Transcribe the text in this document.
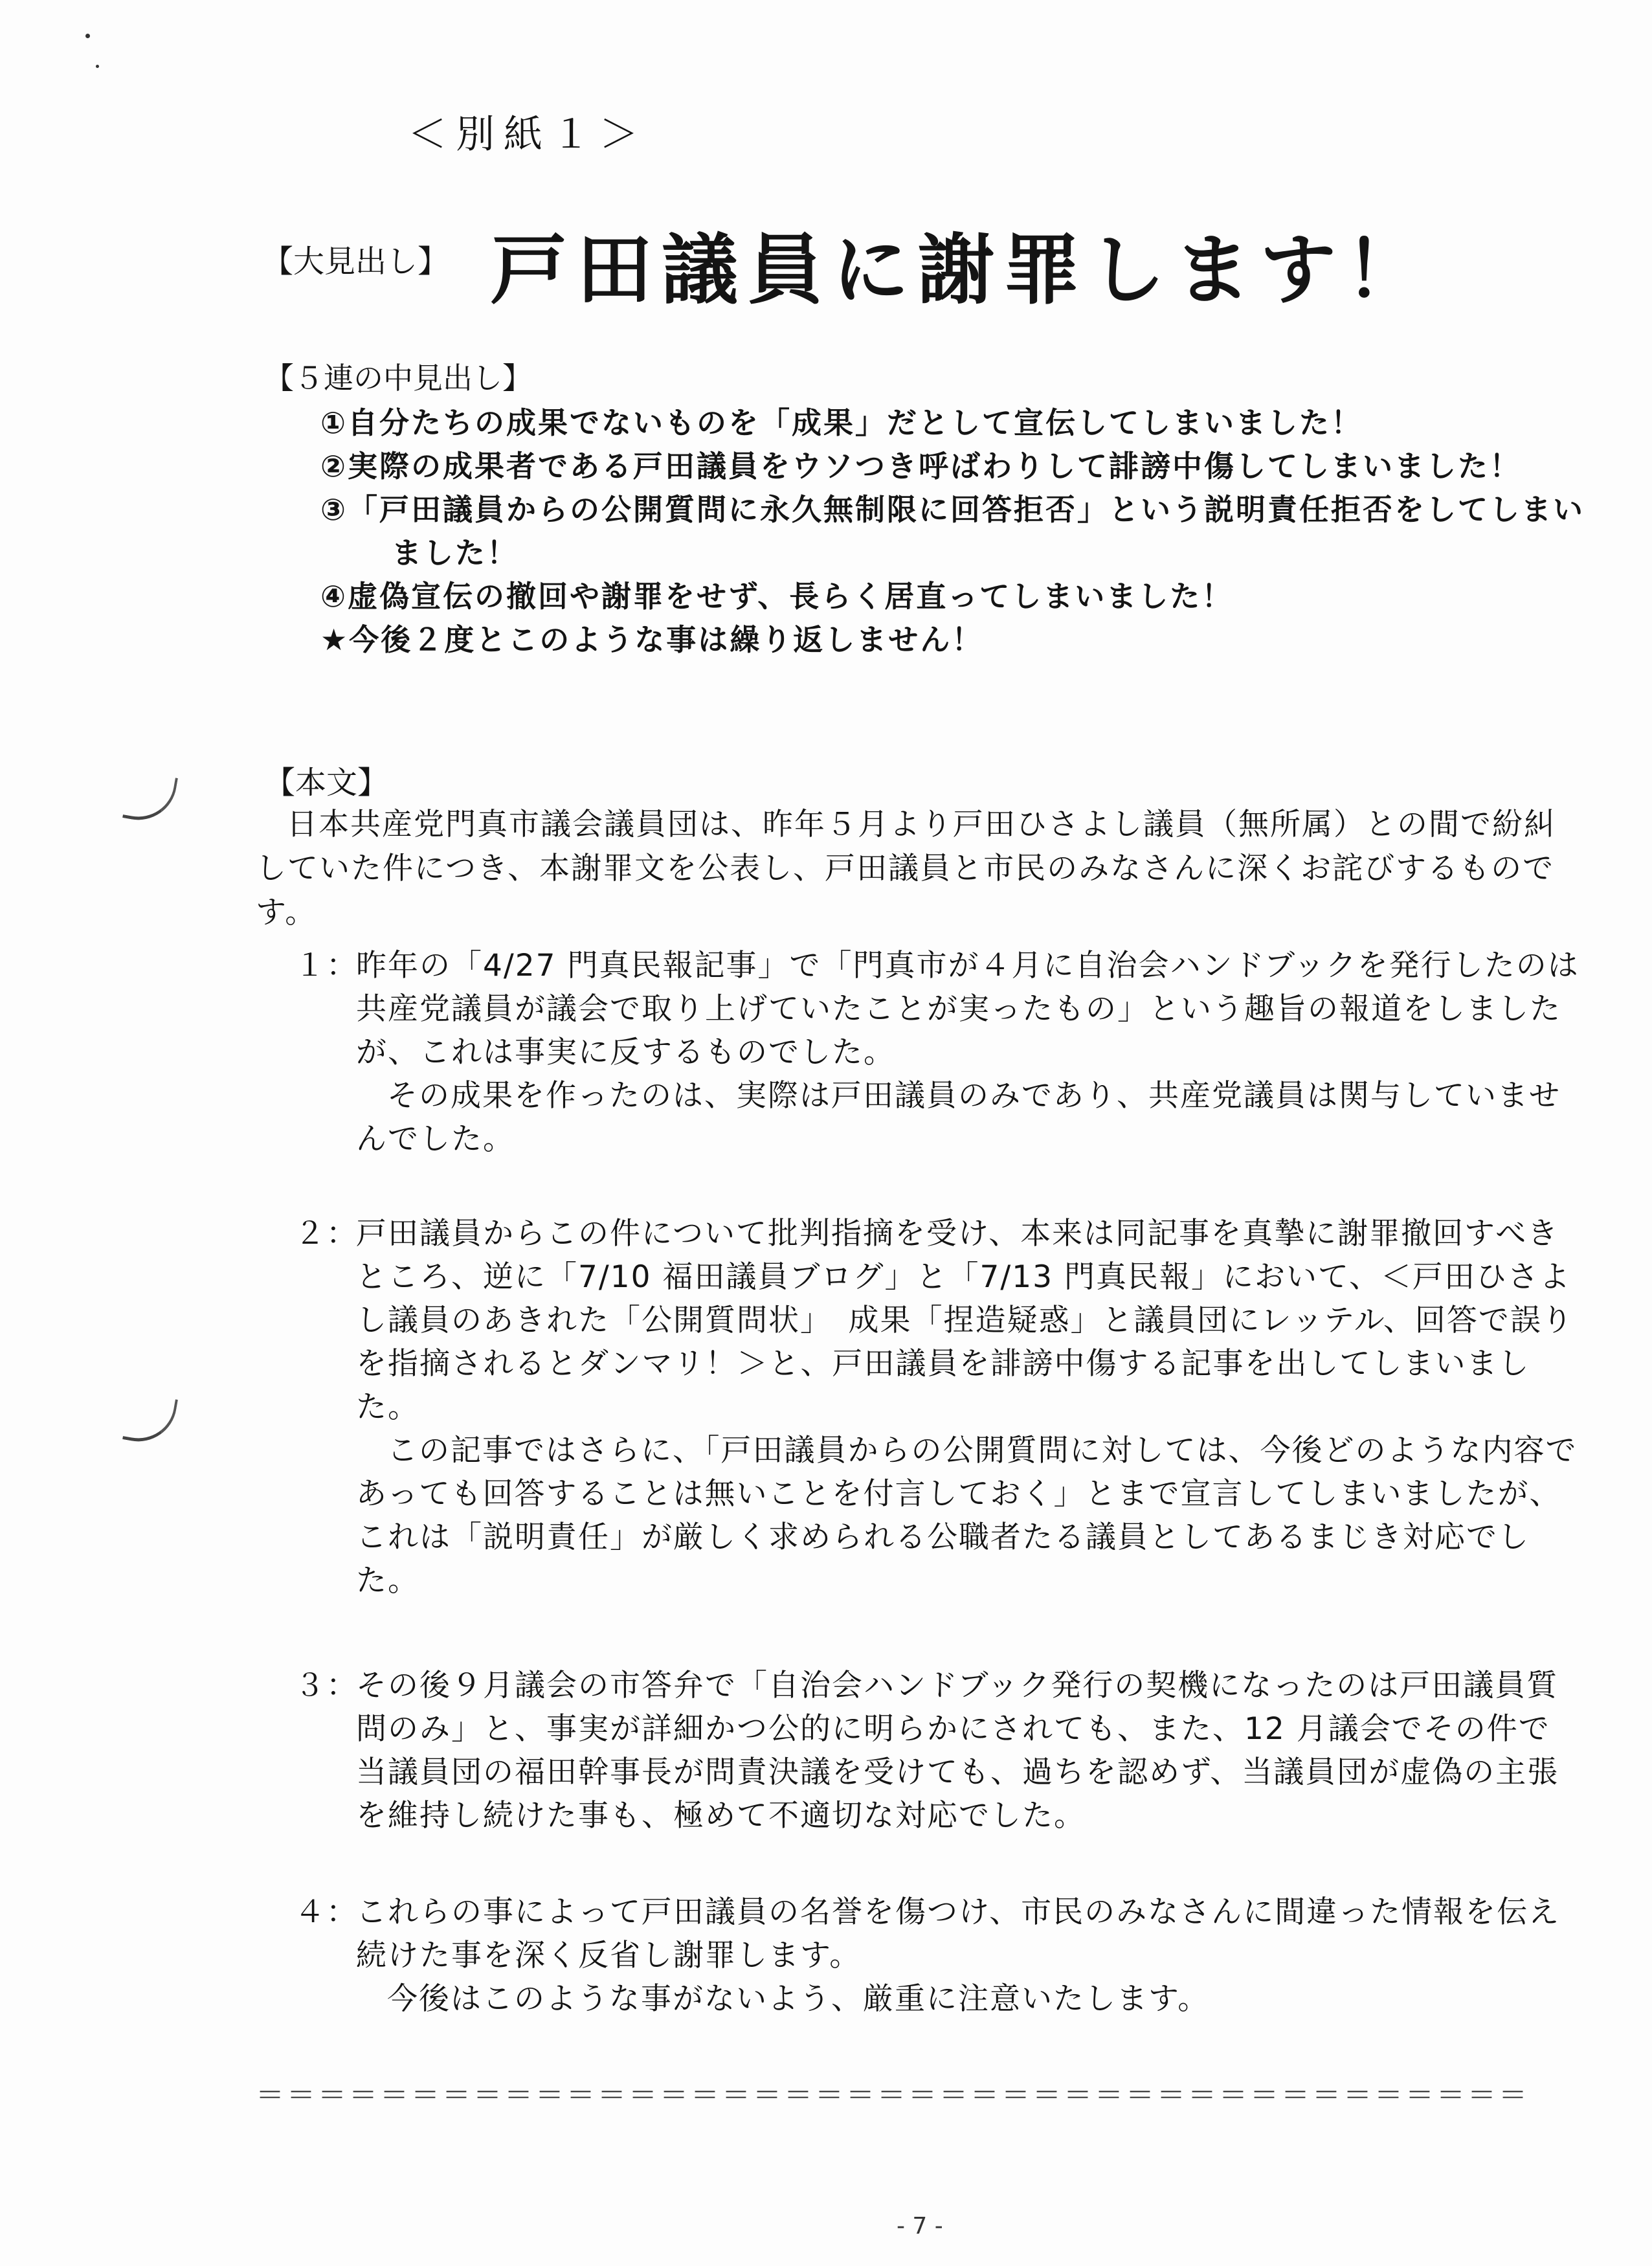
＜別紙１＞
【大見出し】 戸田議員に謝罪します！
【５連の中見出し】
①自分たちの成果でないものを「成果」だとして宣伝してしまいました！
②実際の成果者である戸田議員をウソつき呼ばわりして誹謗中傷してしまいました！
③「戸田議員からの公開質問に永久無制限に回答拒否」という説明責任拒否をしてしまいました！
④虚偽宣伝の撤回や謝罪をせず、長らく居直ってしまいました！
★今後２度とこのような事は繰り返しません！
【本文】

日本共産党門真市議会議員団は、昨年５月より戸田ひさよし議員（無所属）との間で紛糾していた件につき、本謝罪文を公表し、戸田議員と市民のみなさんに深くお詫びするものです。

１：

昨年の「4/27 門真民報記事」で「門真市が４月に自治会ハンドブックを発行したのは共産党議員が議会で取り上げていたことが実ったもの」という趣旨の報道をしましたが、これは事実に反するものでした。

その成果を作ったのは、実際は戸田議員のみであり、共産党議員は関与していませんでした。

２：

戸田議員からこの件について批判指摘を受け、本来は同記事を真摯に謝罪撤回すべきところ、逆に「7/10 福田議員ブログ」と「7/13 門真民報」において、＜戸田ひさよし議員のあきれた「公開質問状」　成果「捏造疑惑」と議員団にレッテル、回答で誤りを指摘されるとダンマリ！＞と、戸田議員を誹謗中傷する記事を出してしまいました。

この記事ではさらに、「戸田議員からの公開質問に対しては、今後どのような内容であっても回答することは無いことを付言しておく」とまで宣言してしまいましたが、これは「説明責任」が厳しく求められる公職者たる議員としてあるまじき対応でした。

３：

その後９月議会の市答弁で「自治会ハンドブック発行の契機になったのは戸田議員質問のみ」と、事実が詳細かつ公的に明らかにされても、また、12 月議会でその件で当議員団の福田幹事長が問責決議を受けても、過ちを認めず、当議員団が虚偽の主張を維持し続けた事も、極めて不適切な対応でした。

４：

これらの事によって戸田議員の名誉を傷つけ、市民のみなさんに間違った情報を伝え続けた事を深く反省し謝罪します。

今後はこのような事がないよう、厳重に注意いたします。

＝＝＝＝＝＝＝＝＝＝＝＝＝＝＝＝＝＝＝＝＝＝＝＝＝＝＝＝＝＝＝＝＝＝＝＝＝＝＝＝＝
- 7 -
